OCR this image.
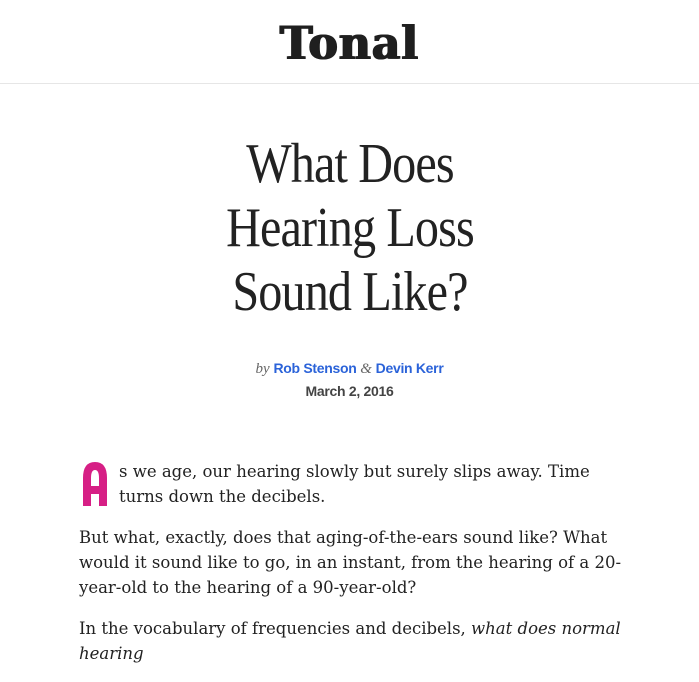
Tonal
What Does
Hearing Loss
Sound Like?
by Rob Stenson & Devin Kerr
March 2, 2016

s we age, our hearing slowly but surely slips away. Time turns down the decibels.

But what, exactly, does that aging-of-the-ears sound like? What would it sound like to go, in an instant, from the hearing of a 20-year-old to the hearing of a 90-year-old?

In the vocabulary of frequencies and decibels, what does normal hearing
